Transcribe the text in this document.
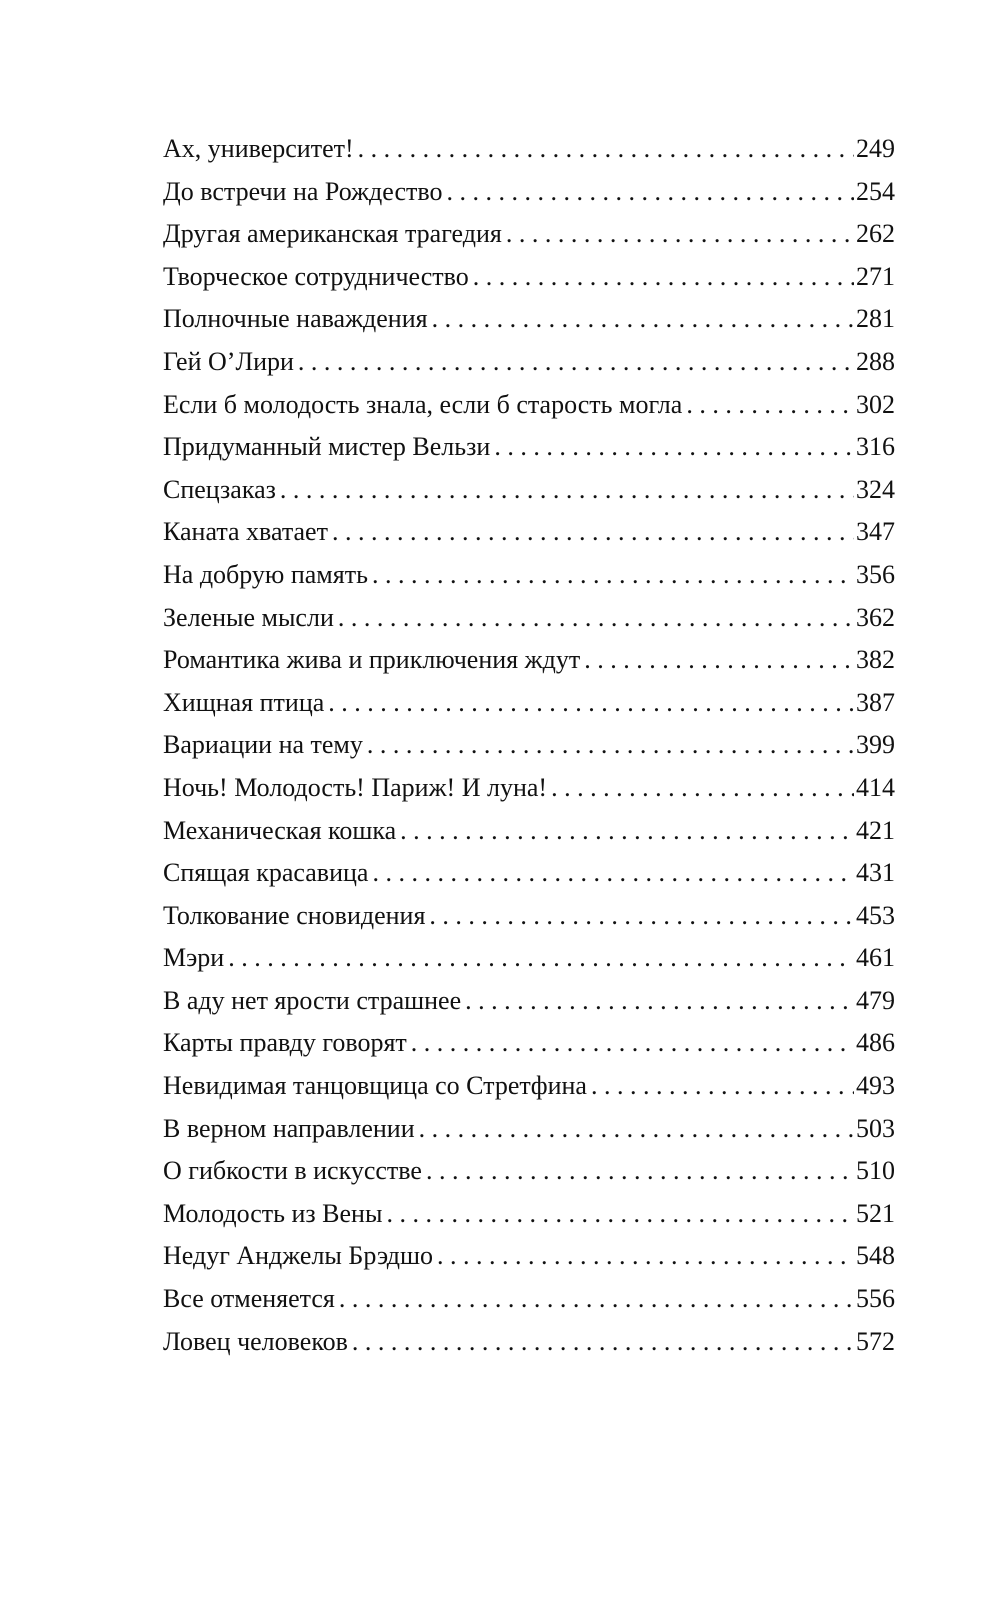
Ах, университет! . . .	249
До встречи на Рождество . . .	254
Другая американская трагедия . . .	262
Творческое сотрудничество . . .	271
Полночные наваждения . . .	281
Гей О’Лири . . .	288
Если б молодость знала, если б старость могла . . .	302
Придуманный мистер Вельзи . . .	316
Спецзаказ . . .	324
Каната хватает . . .	347
На добрую память . . .	356
Зеленые мысли . . .	362
Романтика жива и приключения ждут . . .	382
Хищная птица . . .	387
Вариации на тему . . .	399
Ночь! Молодость! Париж! И луна! . . .	414
Механическая кошка . . .	421
Спящая красавица . . .	431
Толкование сновидения . . .	453
Мэри . . .	461
В аду нет ярости страшнее . . .	479
Карты правду говорят . . .	486
Невидимая танцовщица со Стретфина . . .	493
В верном направлении . . .	503
О гибкости в искусстве . . .	510
Молодость из Вены . . .	521
Недуг Анджелы Брэдшо . . .	548
Все отменяется . . .	556
Ловец человеков . . .	572
